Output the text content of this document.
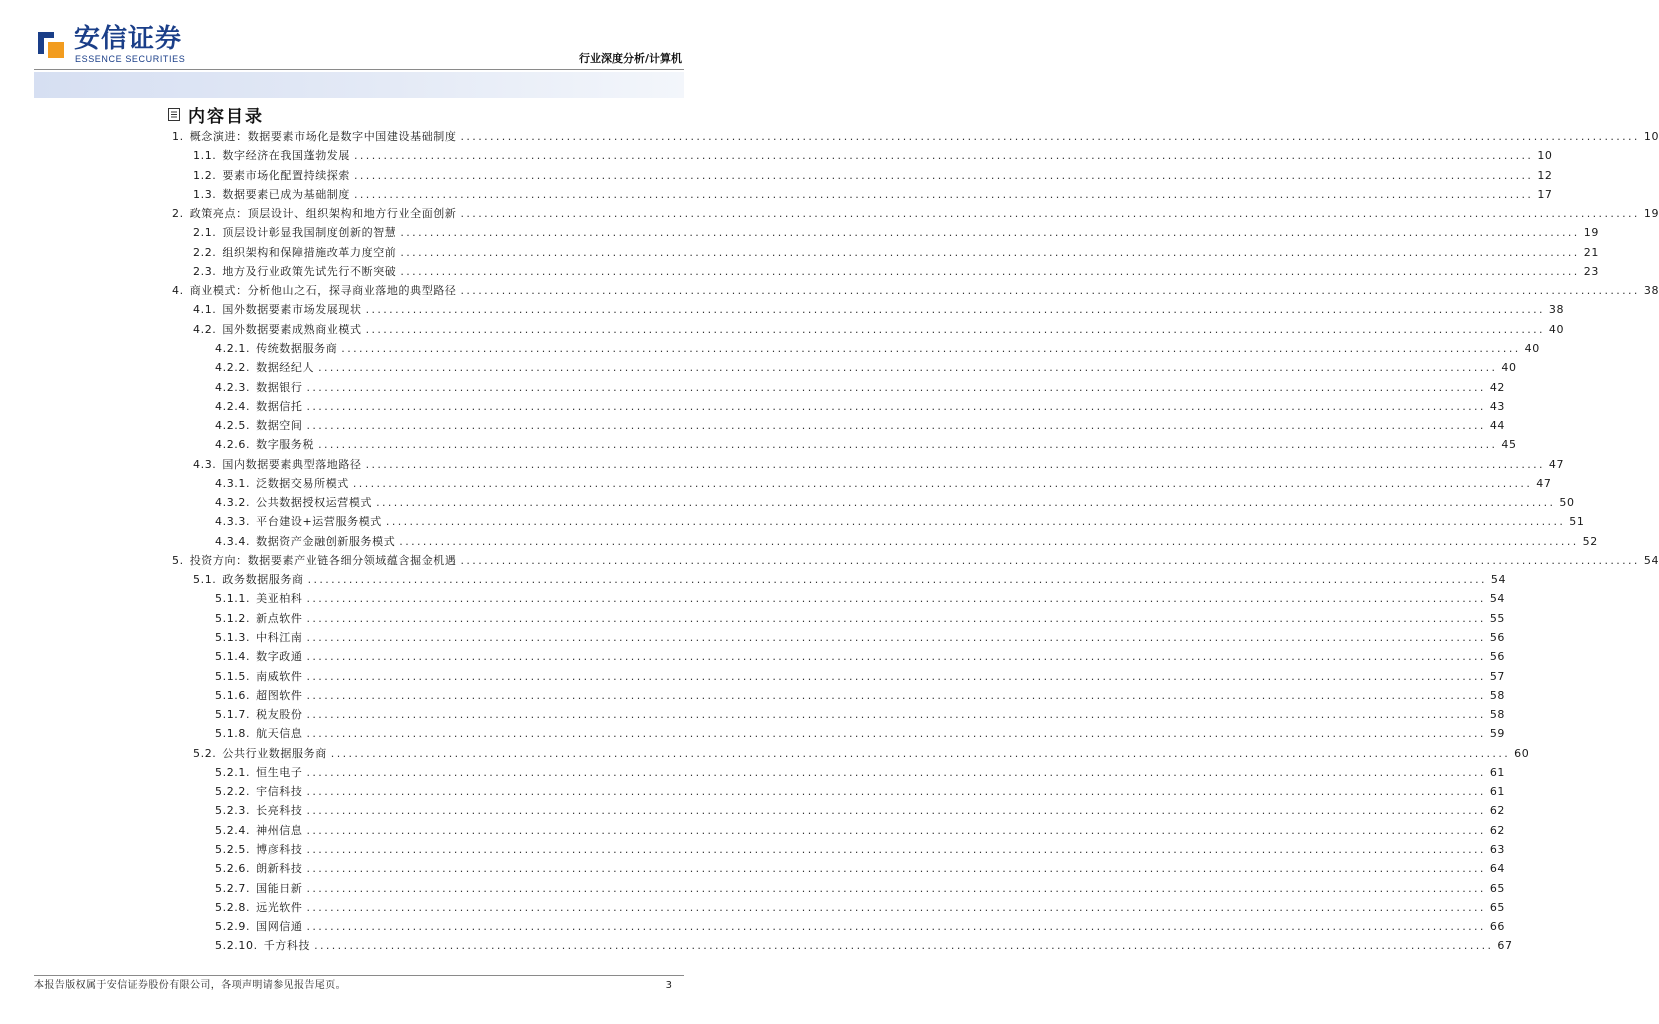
安信证券
ESSENCE SECURITIES	行业深度分析/计算机
内容目录
1. 概念演进：数据要素市场化是数字中国建设基础制度 ........................................................................................................................................................................................................ 10
1.1. 数字经济在我国蓬勃发展 ........................................................................................................................................................................................................ 10
1.2. 要素市场化配置持续探索 ........................................................................................................................................................................................................ 12
1.3. 数据要素已成为基础制度 ........................................................................................................................................................................................................ 17
2. 政策亮点：顶层设计、组织架构和地方行业全面创新 ........................................................................................................................................................................................................ 19
2.1. 顶层设计彰显我国制度创新的智慧 ........................................................................................................................................................................................................ 19
2.2. 组织架构和保障措施改革力度空前 ........................................................................................................................................................................................................ 21
2.3. 地方及行业政策先试先行不断突破 ........................................................................................................................................................................................................ 23
4. 商业模式：分析他山之石，探寻商业落地的典型路径 ........................................................................................................................................................................................................ 38
4.1. 国外数据要素市场发展现状 ........................................................................................................................................................................................................ 38
4.2. 国外数据要素成熟商业模式 ........................................................................................................................................................................................................ 40
4.2.1. 传统数据服务商 ........................................................................................................................................................................................................ 40
4.2.2. 数据经纪人 ........................................................................................................................................................................................................ 40
4.2.3. 数据银行 ........................................................................................................................................................................................................ 42
4.2.4. 数据信托 ........................................................................................................................................................................................................ 43
4.2.5. 数据空间 ........................................................................................................................................................................................................ 44
4.2.6. 数字服务税 ........................................................................................................................................................................................................ 45
4.3. 国内数据要素典型落地路径 ........................................................................................................................................................................................................ 47
4.3.1. 泛数据交易所模式 ........................................................................................................................................................................................................ 47
4.3.2. 公共数据授权运营模式 ........................................................................................................................................................................................................ 50
4.3.3. 平台建设+运营服务模式 ........................................................................................................................................................................................................ 51
4.3.4. 数据资产金融创新服务模式 ........................................................................................................................................................................................................ 52
5. 投资方向：数据要素产业链各细分领域蕴含掘金机遇 ........................................................................................................................................................................................................ 54
5.1. 政务数据服务商 ........................................................................................................................................................................................................ 54
5.1.1. 美亚柏科 ........................................................................................................................................................................................................ 54
5.1.2. 新点软件 ........................................................................................................................................................................................................ 55
5.1.3. 中科江南 ........................................................................................................................................................................................................ 56
5.1.4. 数字政通 ........................................................................................................................................................................................................ 56
5.1.5. 南威软件 ........................................................................................................................................................................................................ 57
5.1.6. 超图软件 ........................................................................................................................................................................................................ 58
5.1.7. 税友股份 ........................................................................................................................................................................................................ 58
5.1.8. 航天信息 ........................................................................................................................................................................................................ 59
5.2. 公共行业数据服务商 ........................................................................................................................................................................................................ 60
5.2.1. 恒生电子 ........................................................................................................................................................................................................ 61
5.2.2. 宇信科技 ........................................................................................................................................................................................................ 61
5.2.3. 长亮科技 ........................................................................................................................................................................................................ 62
5.2.4. 神州信息 ........................................................................................................................................................................................................ 62
5.2.5. 博彦科技 ........................................................................................................................................................................................................ 63
5.2.6. 朗新科技 ........................................................................................................................................................................................................ 64
5.2.7. 国能日新 ........................................................................................................................................................................................................ 65
5.2.8. 远光软件 ........................................................................................................................................................................................................ 65
5.2.9. 国网信通 ........................................................................................................................................................................................................ 66
5.2.10. 千方科技 ........................................................................................................................................................................................................ 67
本报告版权属于安信证券股份有限公司，各项声明请参见报告尾页。	3
